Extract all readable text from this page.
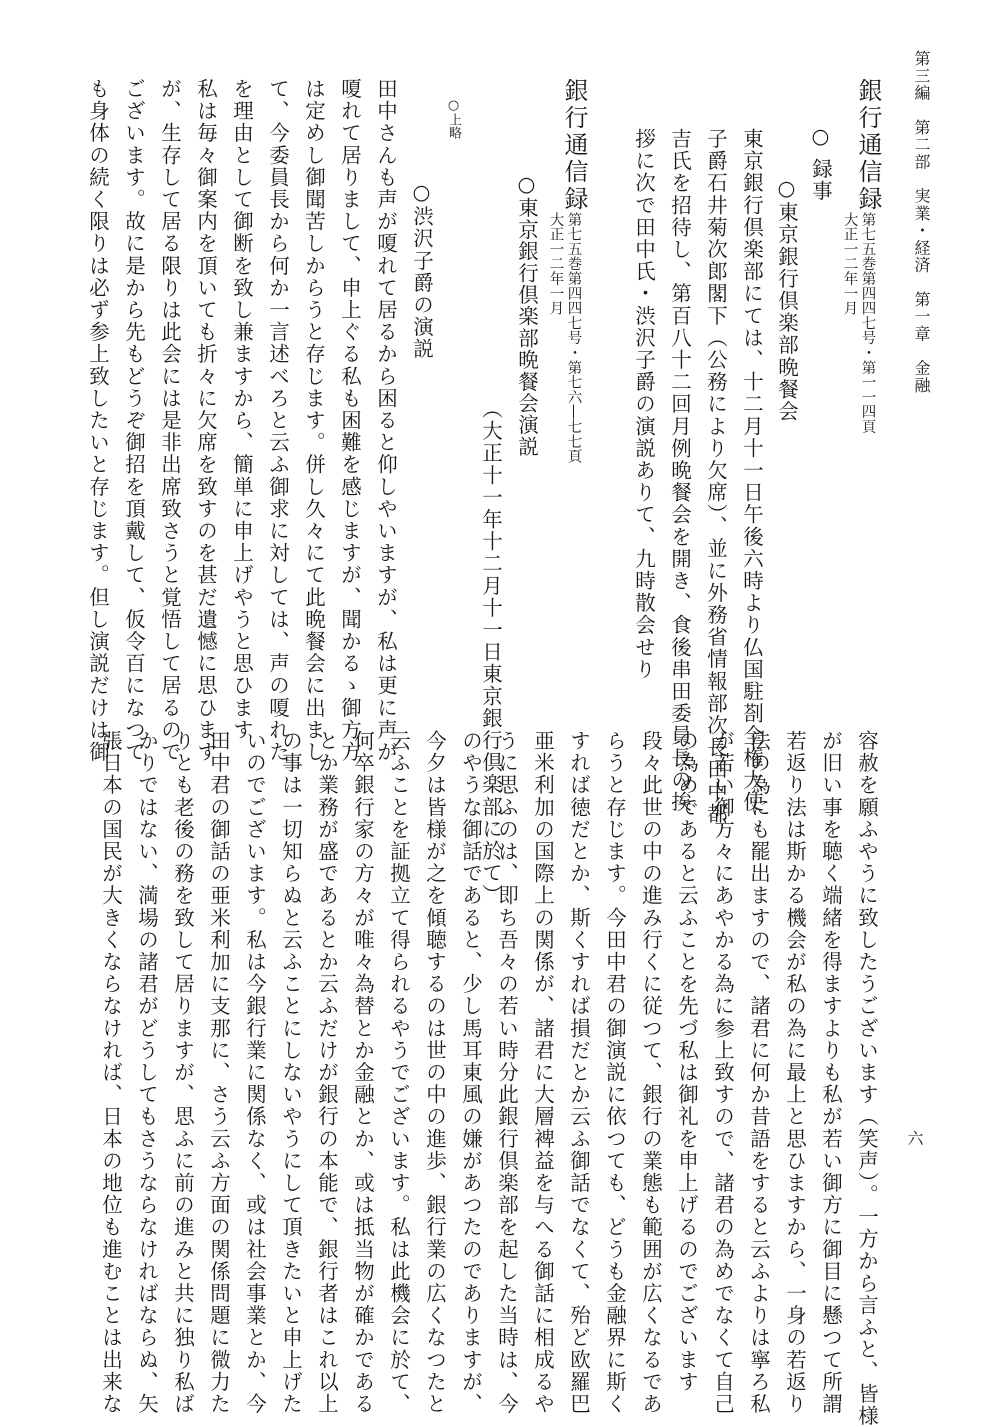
六
第三編　第二部　実業・経済　第一章　金融
銀行通信録
第七五巻第四四七号・第一一四頁
大正一二年一月
○ 録事
○東京銀行倶楽部晩餐会
東京銀行倶楽部にては、十二月十一日午後六時より仏国駐剳全権大使
子爵石井菊次郎閣下（公務により欠席）、並に外務省情報部次長田中都
吉氏を招待し、第百八十二回月例晩餐会を開き、食後串田委員長の挨
拶に次で田中氏・渋沢子爵の演説ありて、九時散会せり
銀行通信録
第七五巻第四四七号・第七六―七七頁
大正一二年一月
○東京銀行倶楽部晩餐会演説
（大正十一年十二月十一日東京銀行倶楽部に於て）
○上略
○渋沢子爵の演説
田中さんも声が嗄れて居るから困ると仰しやいますが、私は更に声が
嗄れて居りまして、申上ぐる私も困難を感じますが、聞かるゝ御方方
は定めし御聞苦しからうと存じます。併し久々にて此晩餐会に出まし
て、今委員長から何か一言述べろと云ふ御求に対しては、声の嗄れた
を理由として御断を致し兼ますから、簡単に申上げやうと思ひます
私は毎々御案内を頂いても折々に欠席を致すのを甚だ遺憾に思ひます
が、生存して居る限りは此会には是非出席致さうと覚悟して居るので
ございます。故に是から先もどうぞ御招を頂戴して、仮令百になつて
も身体の続く限りは必ず参上致したいと存じます。但し演説だけは御
容赦を願ふやうに致したうございます（笑声）。一方から言ふと、皆様
が旧い事を聴く端緒を得ますよりも私が若い御方に御目に懸つて所謂
若返り法は斯かる機会が私の為に最上と思ひますから、一身の若返り
法の為にも罷出ますので、諸君に何か昔語をすると云ふよりは寧ろ私
が若い御方々にあやかる為に参上致すので、諸君の為めでなくて自己
の為めであると云ふことを先づ私は御礼を申上げるのでございます
段々此世の中の進み行くに従つて、銀行の業態も範囲が広くなるであ
らうと存じます。今田中君の御演説に依つても、どうも金融界に斯く
すれば徳だとか、斯くすれば損だとか云ふ御話でなくて、殆ど欧羅巴
亜米利加の国際上の関係が、諸君に大層裨益を与へる御話に相成るや
うに思ふのは、即ち吾々の若い時分此銀行倶楽部を起した当時は、今
のやうな御話であると、少し馬耳東風の嫌があつたのでありますが、
今夕は皆様が之を傾聴するのは世の中の進歩、銀行業の広くなつたと
云ふことを証拠立て得られるやうでございます。私は此機会に於て、
何卒銀行家の方々が唯々為替とか金融とか、或は抵当物が確かである
とか業務が盛であるとか云ふだけが銀行の本能で、銀行者はこれ以上
の事は一切知らぬと云ふことにしないやうにして頂きたいと申上げた
いのでございます。私は今銀行業に関係なく、或は社会事業とか、今
田中君の御話の亜米利加に支那に、さう云ふ方面の関係問題に微力た
りとも老後の務を致して居りますが、思ふに前の進みと共に独り私ば
かりではない、満場の諸君がどうしてもさうならなければならぬ、矢
張日本の国民が大きくならなければ、日本の地位も進むことは出来な
